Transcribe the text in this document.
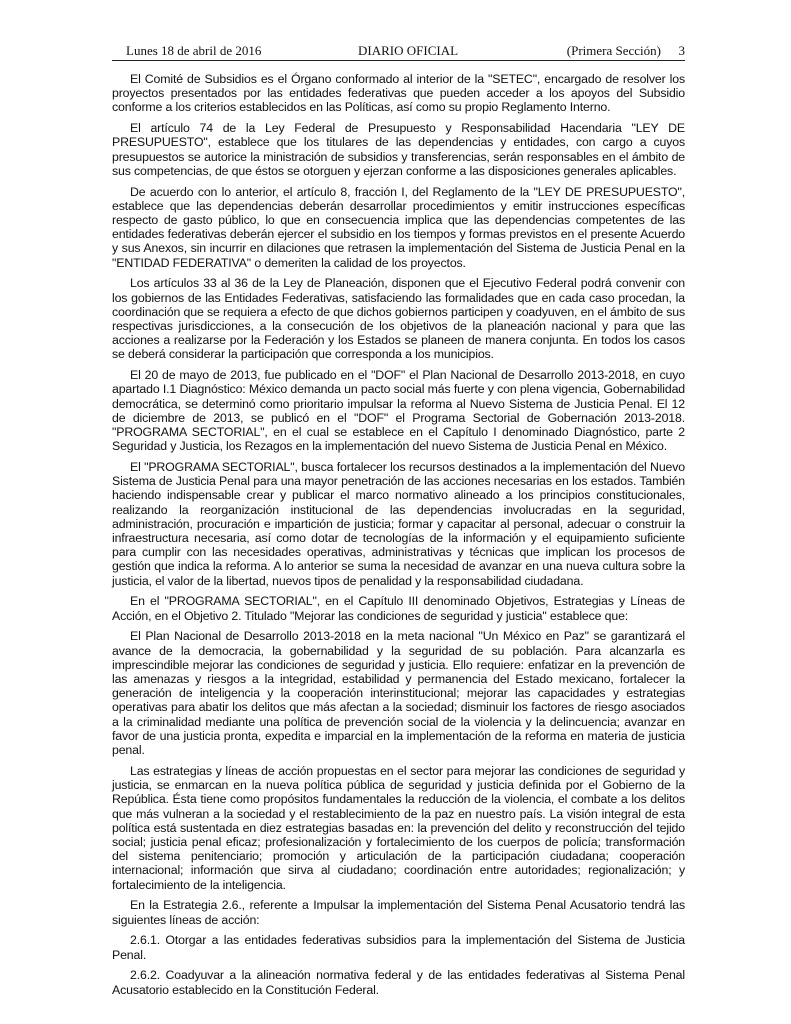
Lunes 18 de abril de 2016	DIARIO OFICIAL	(Primera Sección) 3

El Comité de Subsidios es el Órgano conformado al interior de la "SETEC", encargado de resolver los proyectos presentados por las entidades federativas que pueden acceder a los apoyos del Subsidio conforme a los criterios establecidos en las Políticas, así como su propio Reglamento Interno.

El artículo 74 de la Ley Federal de Presupuesto y Responsabilidad Hacendaria "LEY DE PRESUPUESTO", establece que los titulares de las dependencias y entidades, con cargo a cuyos presupuestos se autorice la ministración de subsidios y transferencias, serán responsables en el ámbito de sus competencias, de que éstos se otorguen y ejerzan conforme a las disposiciones generales aplicables.

De acuerdo con lo anterior, el artículo 8, fracción I, del Reglamento de la "LEY DE PRESUPUESTO", establece que las dependencias deberán desarrollar procedimientos y emitir instrucciones específicas respecto de gasto público, lo que en consecuencia implica que las dependencias competentes de las entidades federativas deberán ejercer el subsidio en los tiempos y formas previstos en el presente Acuerdo y sus Anexos, sin incurrir en dilaciones que retrasen la implementación del Sistema de Justicia Penal en la "ENTIDAD FEDERATIVA" o demeriten la calidad de los proyectos.

Los artículos 33 al 36 de la Ley de Planeación, disponen que el Ejecutivo Federal podrá convenir con los gobiernos de las Entidades Federativas, satisfaciendo las formalidades que en cada caso procedan, la coordinación que se requiera a efecto de que dichos gobiernos participen y coadyuven, en el ámbito de sus respectivas jurisdicciones, a la consecución de los objetivos de la planeación nacional y para que las acciones a realizarse por la Federación y los Estados se planeen de manera conjunta. En todos los casos se deberá considerar la participación que corresponda a los municipios.

El 20 de mayo de 2013, fue publicado en el "DOF" el Plan Nacional de Desarrollo 2013-2018, en cuyo apartado I.1 Diagnóstico: México demanda un pacto social más fuerte y con plena vigencia, Gobernabilidad democrática, se determinó como prioritario impulsar la reforma al Nuevo Sistema de Justicia Penal. El 12 de diciembre de 2013, se publicó en el "DOF" el Programa Sectorial de Gobernación 2013-2018. "PROGRAMA SECTORIAL", en el cual se establece en el Capítulo I denominado Diagnóstico, parte 2 Seguridad y Justicia, los Rezagos en la implementación del nuevo Sistema de Justicia Penal en México.

El "PROGRAMA SECTORIAL", busca fortalecer los recursos destinados a la implementación del Nuevo Sistema de Justicia Penal para una mayor penetración de las acciones necesarias en los estados. También haciendo indispensable crear y publicar el marco normativo alineado a los principios constitucionales, realizando la reorganización institucional de las dependencias involucradas en la seguridad, administración, procuración e impartición de justicia; formar y capacitar al personal, adecuar o construir la infraestructura necesaria, así como dotar de tecnologías de la información y el equipamiento suficiente para cumplir con las necesidades operativas, administrativas y técnicas que implican los procesos de gestión que indica la reforma. A lo anterior se suma la necesidad de avanzar en una nueva cultura sobre la justicia, el valor de la libertad, nuevos tipos de penalidad y la responsabilidad ciudadana.

En el "PROGRAMA SECTORIAL", en el Capítulo III denominado Objetivos, Estrategias y Líneas de Acción, en el Objetivo 2. Titulado "Mejorar las condiciones de seguridad y justicia" establece que:

El Plan Nacional de Desarrollo 2013-2018 en la meta nacional "Un México en Paz" se garantizará el avance de la democracia, la gobernabilidad y la seguridad de su población. Para alcanzarla es imprescindible mejorar las condiciones de seguridad y justicia. Ello requiere: enfatizar en la prevención de las amenazas y riesgos a la integridad, estabilidad y permanencia del Estado mexicano, fortalecer la generación de inteligencia y la cooperación interinstitucional; mejorar las capacidades y estrategias operativas para abatir los delitos que más afectan a la sociedad; disminuir los factores de riesgo asociados a la criminalidad mediante una política de prevención social de la violencia y la delincuencia; avanzar en favor de una justicia pronta, expedita e imparcial en la implementación de la reforma en materia de justicia penal.

Las estrategias y líneas de acción propuestas en el sector para mejorar las condiciones de seguridad y justicia, se enmarcan en la nueva política pública de seguridad y justicia definida por el Gobierno de la República. Ésta tiene como propósitos fundamentales la reducción de la violencia, el combate a los delitos que más vulneran a la sociedad y el restablecimiento de la paz en nuestro país. La visión integral de esta política está sustentada en diez estrategias basadas en: la prevención del delito y reconstrucción del tejido social; justicia penal eficaz; profesionalización y fortalecimiento de los cuerpos de policía; transformación del sistema penitenciario; promoción y articulación de la participación ciudadana; cooperación internacional; información que sirva al ciudadano; coordinación entre autoridades; regionalización; y fortalecimiento de la inteligencia.

En la Estrategia 2.6., referente a Impulsar la implementación del Sistema Penal Acusatorio tendrá las siguientes líneas de acción:

2.6.1. Otorgar a las entidades federativas subsidios para la implementación del Sistema de Justicia Penal.

2.6.2. Coadyuvar a la alineación normativa federal y de las entidades federativas al Sistema Penal Acusatorio establecido en la Constitución Federal.
